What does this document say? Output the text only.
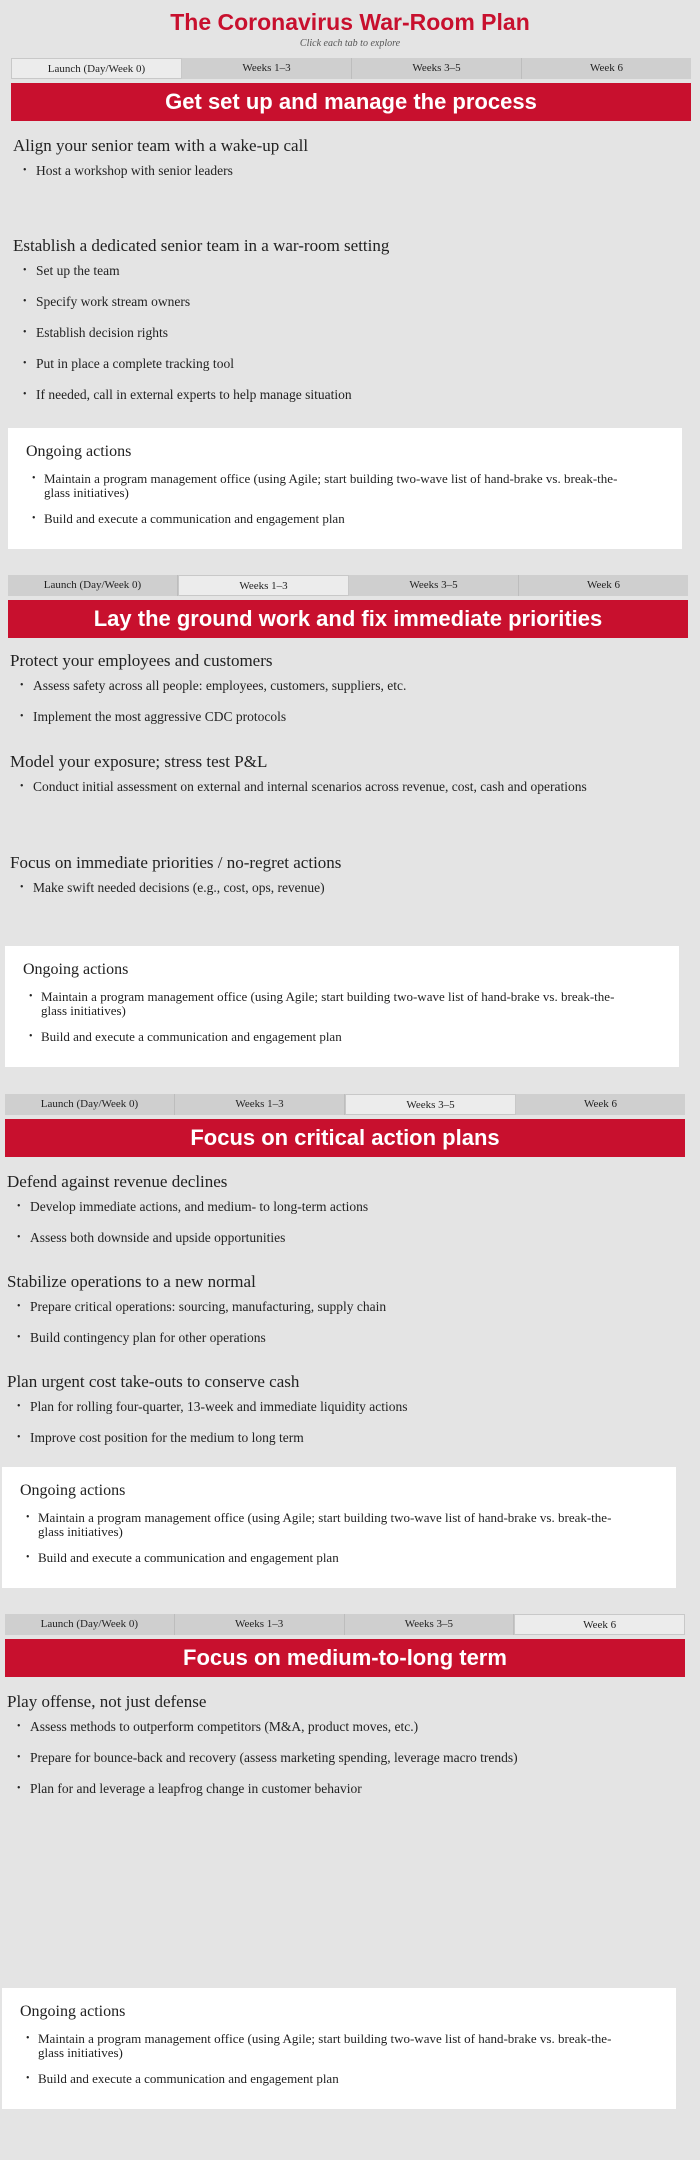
The Coronavirus War-Room Plan
Click each tab to explore
Launch (Day/Week 0)	Weeks 1–3	Weeks 3–5	Week 6
Get set up and manage the process
Align your senior team with a wake-up call
• Host a workshop with senior leaders
Establish a dedicated senior team in a war-room setting
• Set up the team
• Specify work stream owners
• Establish decision rights
• Put in place a complete tracking tool
• If needed, call in external experts to help manage situation
Ongoing actions
• Maintain a program management office (using Agile; start building two-wave list of hand-brake vs. break-the-glass initiatives)
• Build and execute a communication and engagement plan
Launch (Day/Week 0)	Weeks 1–3	Weeks 3–5	Week 6
Lay the ground work and fix immediate priorities
Protect your employees and customers
• Assess safety across all people: employees, customers, suppliers, etc.
• Implement the most aggressive CDC protocols
Model your exposure; stress test P&L
• Conduct initial assessment on external and internal scenarios across revenue, cost, cash and operations
Focus on immediate priorities / no-regret actions
• Make swift needed decisions (e.g., cost, ops, revenue)
Ongoing actions
• Maintain a program management office (using Agile; start building two-wave list of hand-brake vs. break-the-glass initiatives)
• Build and execute a communication and engagement plan
Launch (Day/Week 0)	Weeks 1–3	Weeks 3–5	Week 6
Focus on critical action plans
Defend against revenue declines
• Develop immediate actions, and medium- to long-term actions
• Assess both downside and upside opportunities
Stabilize operations to a new normal
• Prepare critical operations: sourcing, manufacturing, supply chain
• Build contingency plan for other operations
Plan urgent cost take-outs to conserve cash
• Plan for rolling four-quarter, 13-week and immediate liquidity actions
• Improve cost position for the medium to long term
Ongoing actions
• Maintain a program management office (using Agile; start building two-wave list of hand-brake vs. break-the-glass initiatives)
• Build and execute a communication and engagement plan
Launch (Day/Week 0)	Weeks 1–3	Weeks 3–5	Week 6
Focus on medium-to-long term
Play offense, not just defense
• Assess methods to outperform competitors (M&A, product moves, etc.)
• Prepare for bounce-back and recovery (assess marketing spending, leverage macro trends)
• Plan for and leverage a leapfrog change in customer behavior
Ongoing actions
• Maintain a program management office (using Agile; start building two-wave list of hand-brake vs. break-the-glass initiatives)
• Build and execute a communication and engagement plan
